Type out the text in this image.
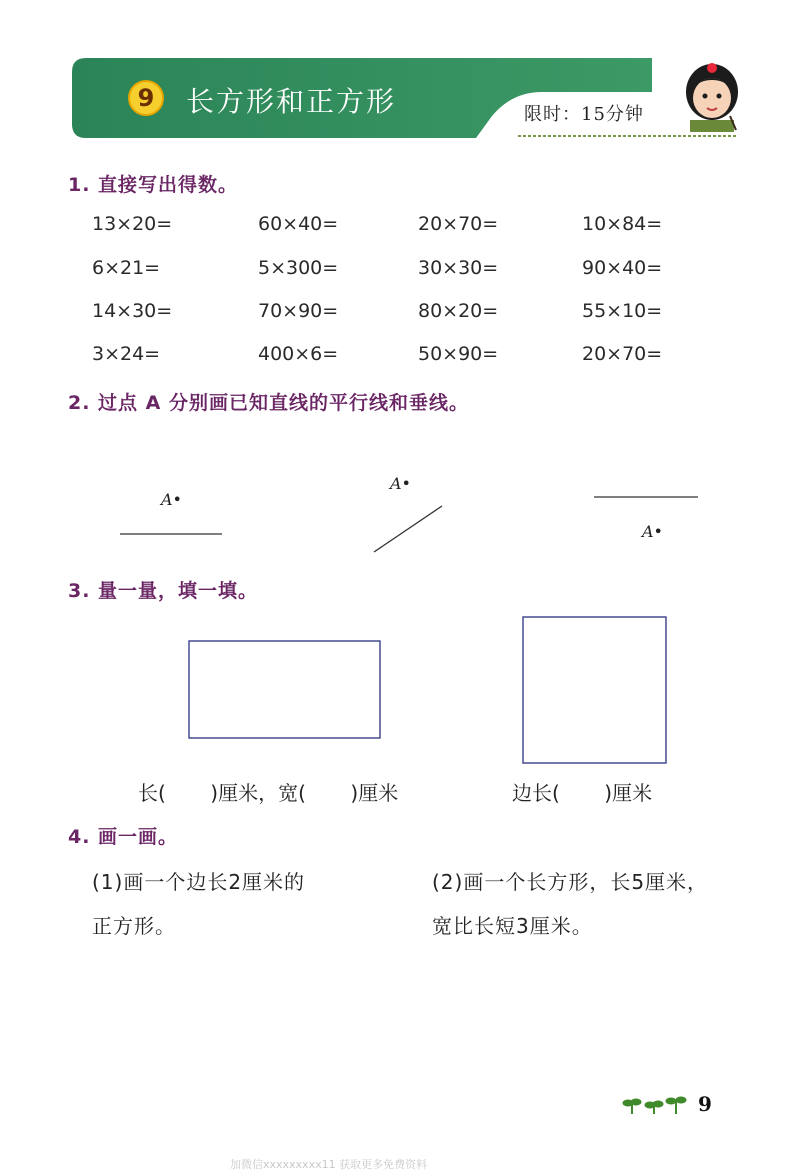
9	长方形和正方形	限时：15分钟
1. 直接写出得数。
13×20=	60×40=	20×70=	10×84=
6×21=	5×300=	30×30=	90×40=
14×30=	70×90=	80×20=	55×10=
3×24=	400×6=	50×90=	20×70=
2. 过点 A 分别画已知直线的平行线和垂线。
A•
A•
A•
3. 量一量，填一填。
长(       )厘米，宽(       )厘米	边长(       )厘米
4. 画一画。
(1)画一个边长2厘米的
正方形。
(2)画一个长方形，长5厘米，
宽比长短3厘米。
9
加微信xxxxxxxxx11 获取更多免费资料
